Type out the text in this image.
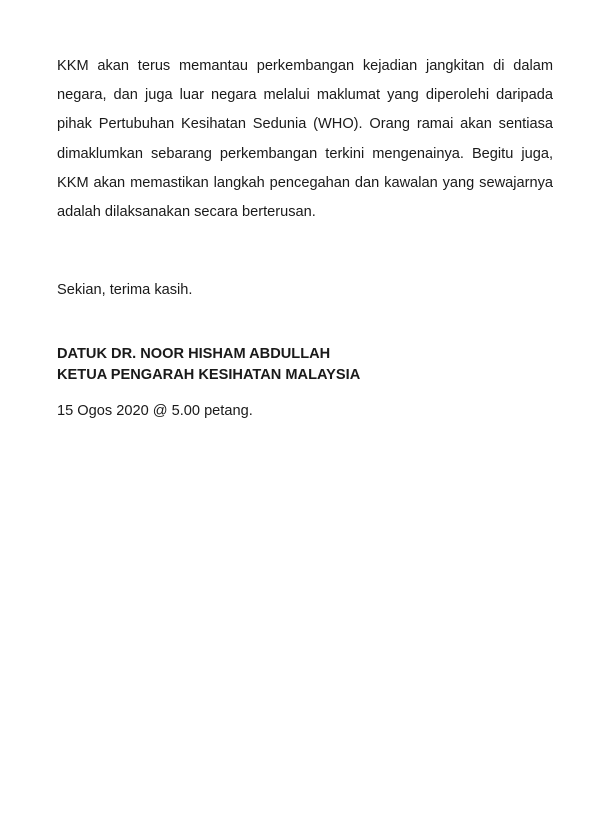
KKM akan terus memantau perkembangan kejadian jangkitan di dalam negara, dan juga luar negara melalui maklumat yang diperolehi daripada pihak Pertubuhan Kesihatan Sedunia (WHO). Orang ramai akan sentiasa dimaklumkan sebarang perkembangan terkini mengenainya. Begitu juga, KKM akan memastikan langkah pencegahan dan kawalan yang sewajarnya adalah dilaksanakan secara berterusan.

Sekian, terima kasih.

DATUK DR. NOOR HISHAM ABDULLAH
KETUA PENGARAH KESIHATAN MALAYSIA

15 Ogos 2020 @ 5.00 petang.
